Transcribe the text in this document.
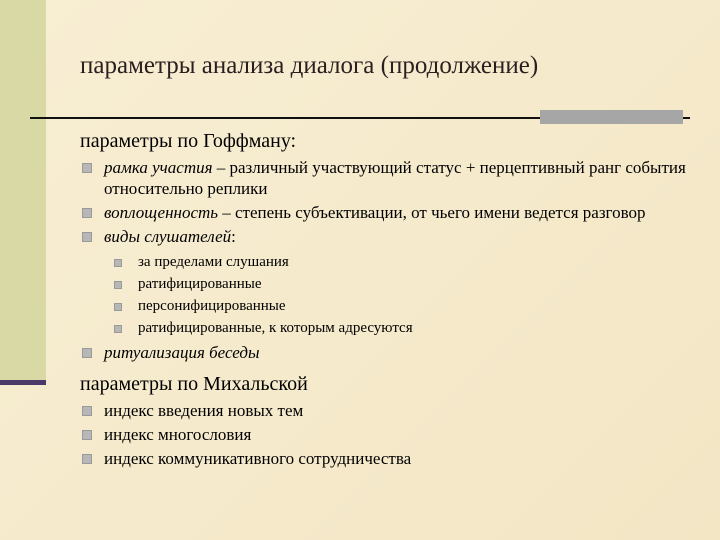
параметры анализа диалога (продолжение)
параметры по Гоффману:
рамка участия – различный участвующий статус + перцептивный ранг события относительно реплики
воплощенность – степень субъективации, от чьего имени ведется разговор
виды слушателей:
за пределами слушания
ратифицированные
персонифицированные
ратифицированные, к которым адресуются
ритуализация беседы
параметры по Михальской
индекс введения новых тем
индекс многословия
индекс коммуникативного сотрудничества
